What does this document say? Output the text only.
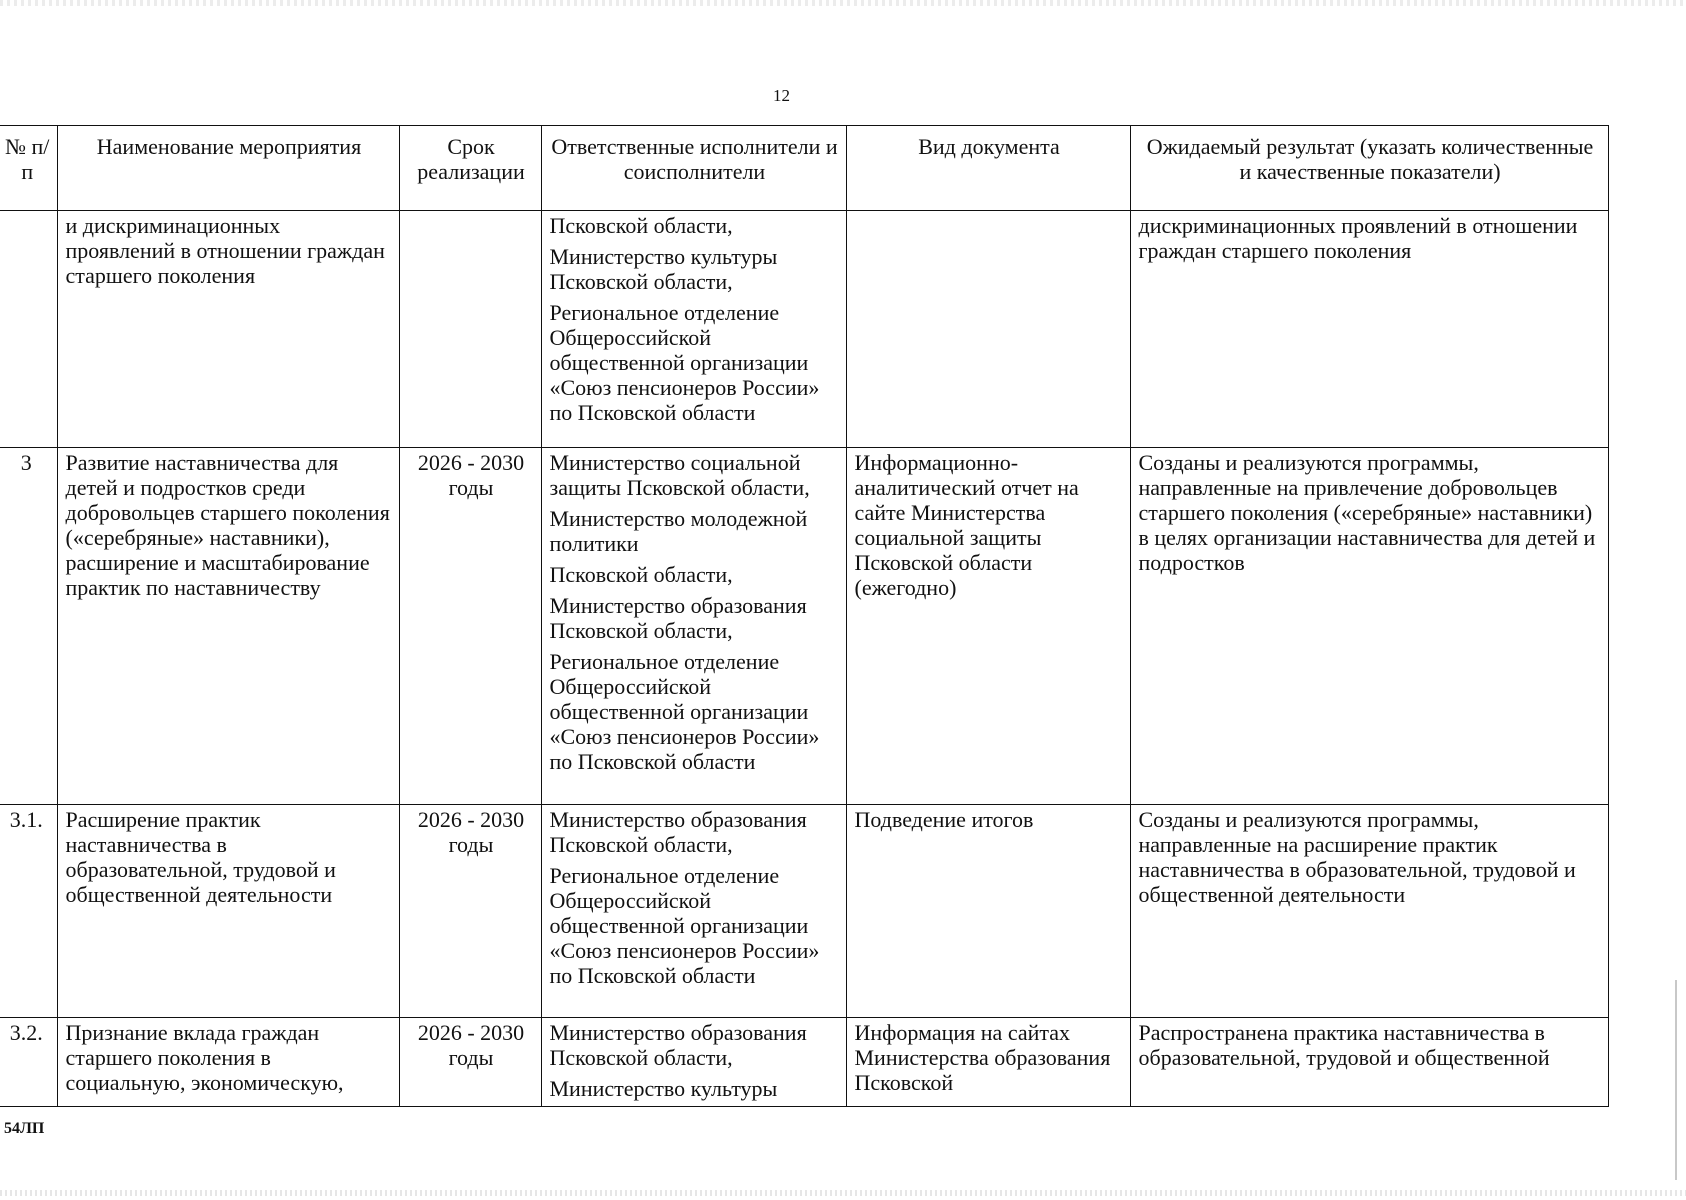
12
№ п/п	Наименование мероприятия	Срок реализации	Ответственные исполнители и соисполнители	Вид документа	Ожидаемый результат (указать количественные и качественные показатели)
	и дискриминационных проявлений в отношении граждан старшего поколения		Псковской области,
Министерство культуры Псковской области,
Региональное отделение Общероссийской общественной организации «Союз пенсионеров России» по Псковской области		дискриминационных проявлений в отношении граждан старшего поколения
3	Развитие наставничества для детей и подростков среди добровольцев старшего поколения («серебряные» наставники), расширение и масштабирование практик по наставничеству	2026 - 2030 годы	Министерство социальной защиты Псковской области,
Министерство молодежной политики
Псковской области,
Министерство образования Псковской области,
Региональное отделение Общероссийской общественной организации «Союз пенсионеров России» по Псковской области	Информационно-аналитический отчет на сайте Министерства социальной защиты Псковской области (ежегодно)	Созданы и реализуются программы, направленные на привлечение добровольцев старшего поколения («серебряные» наставники) в целях организации наставничества для детей и подростков
3.1.	Расширение практик наставничества в образовательной, трудовой и общественной деятельности	2026 - 2030 годы	Министерство образования Псковской области,
Региональное отделение Общероссийской общественной организации «Союз пенсионеров России» по Псковской области	Подведение итогов	Созданы и реализуются программы, направленные на расширение практик наставничества в образовательной, трудовой и общественной деятельности
3.2.	Признание вклада граждан старшего поколения в социальную, экономическую,	2026 - 2030 годы	Министерство образования Псковской области,
Министерство культуры	Информация на сайтах Министерства образования Псковской	Распространена практика наставничества в образовательной, трудовой и общественной
54ЛП
